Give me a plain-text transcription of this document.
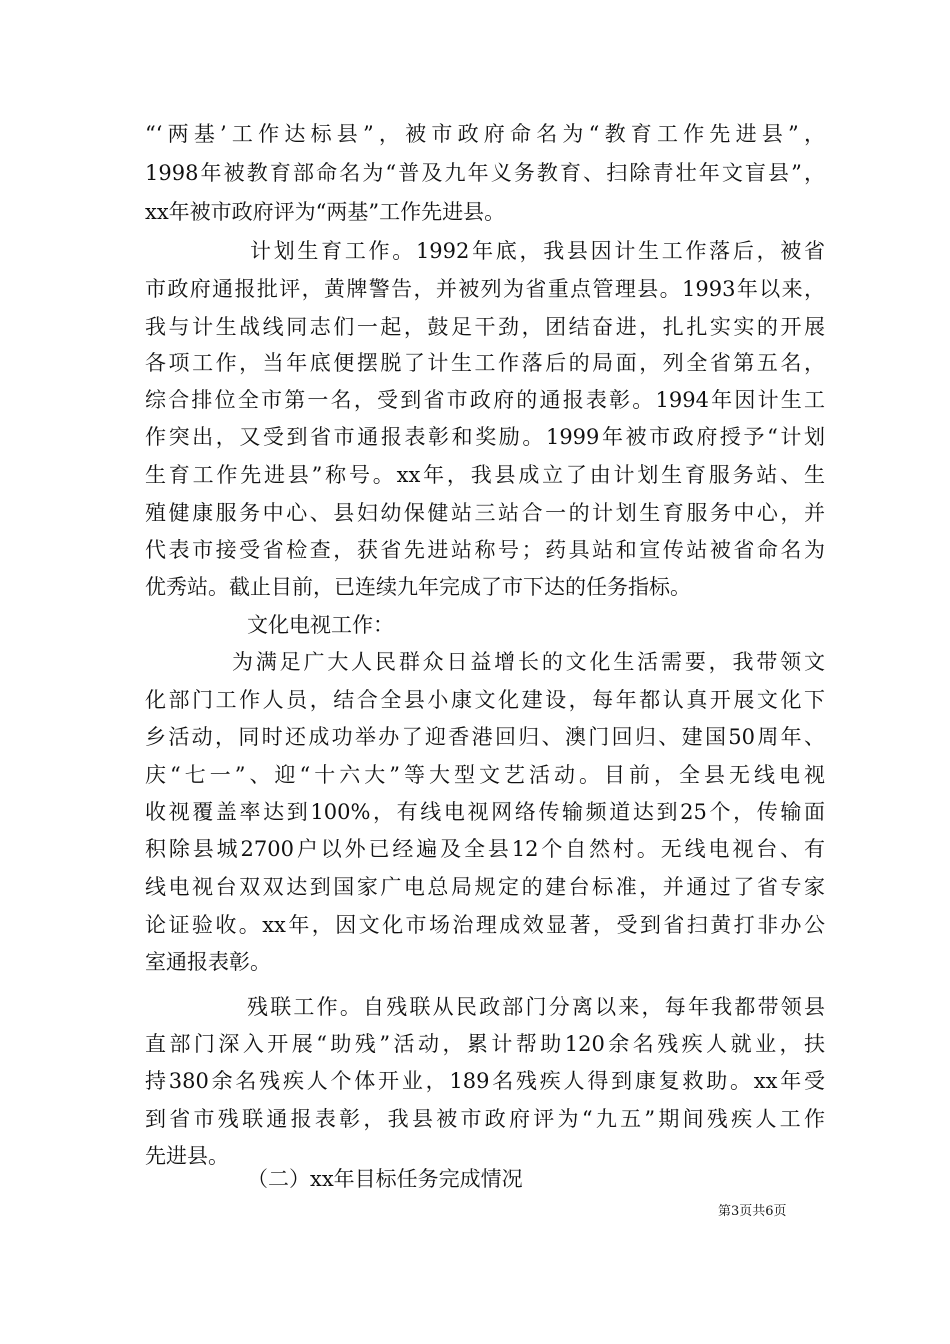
“‘两基’工作达标县”，被市政府命名为“教育工作先进县”，
1998年被教育部命名为“普及九年义务教育、扫除青壮年文盲县”，
xx年被市政府评为“两基”工作先进县。
计划生育工作。1992年底，我县因计生工作落后，被省
市政府通报批评，黄牌警告，并被列为省重点管理县。1993年以来，
我与计生战线同志们一起，鼓足干劲，团结奋进，扎扎实实的开展
各项工作，当年底便摆脱了计生工作落后的局面，列全省第五名，
综合排位全市第一名，受到省市政府的通报表彰。1994年因计生工
作突出，又受到省市通报表彰和奖励。1999年被市政府授予“计划
生育工作先进县”称号。xx年，我县成立了由计划生育服务站、生
殖健康服务中心、县妇幼保健站三站合一的计划生育服务中心，并
代表市接受省检查，获省先进站称号；药具站和宣传站被省命名为
优秀站。截止目前，已连续九年完成了市下达的任务指标。
文化电视工作：
为满足广大人民群众日益增长的文化生活需要，我带领文
化部门工作人员，结合全县小康文化建设，每年都认真开展文化下
乡活动，同时还成功举办了迎香港回归、澳门回归、建国50周年、
庆“七一”、迎“十六大”等大型文艺活动。目前，全县无线电视
收视覆盖率达到100%，有线电视网络传输频道达到25个，传输面
积除县城2700户以外已经遍及全县12个自然村。无线电视台、有
线电视台双双达到国家广电总局规定的建台标准，并通过了省专家
论证验收。xx年，因文化市场治理成效显著，受到省扫黄打非办公
室通报表彰。
残联工作。自残联从民政部门分离以来，每年我都带领县
直部门深入开展“助残”活动，累计帮助120余名残疾人就业，扶
持380余名残疾人个体开业，189名残疾人得到康复救助。xx年受
到省市残联通报表彰，我县被市政府评为“九五”期间残疾人工作
先进县。
（二）xx年目标任务完成情况
第3页共6页
